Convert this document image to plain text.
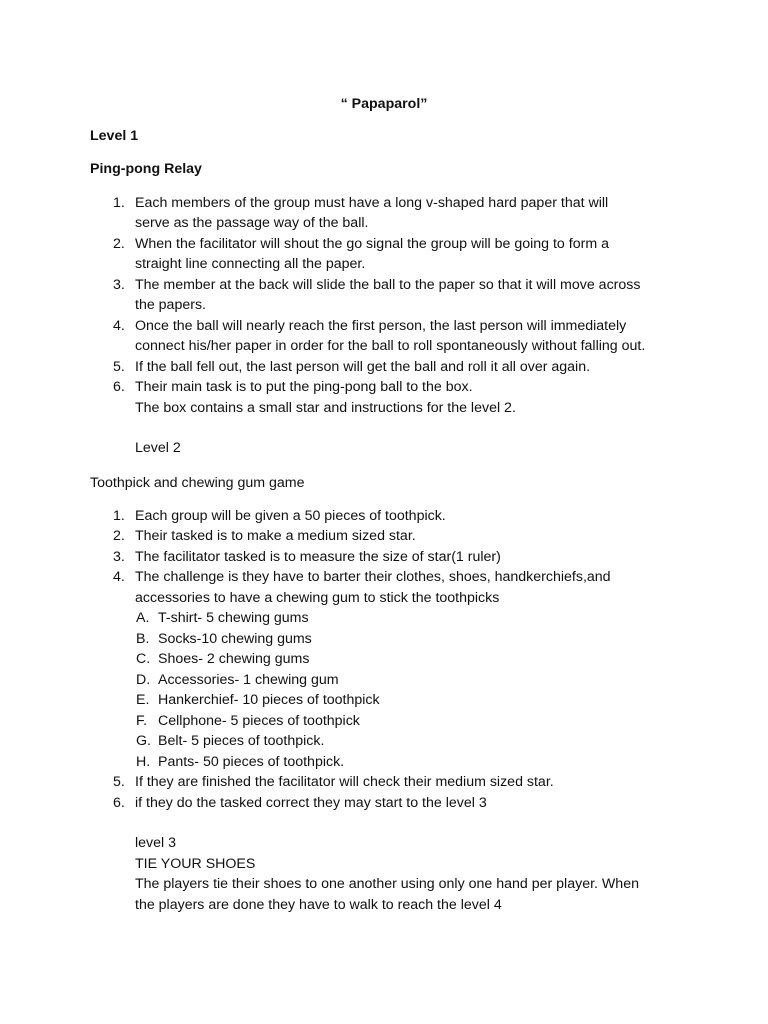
“ Papaparol”
Level 1
Ping-pong Relay
1. Each members of the group must have a long v-shaped hard paper that will
serve as the passage way of the ball.
2. When the facilitator will shout the go signal the group will be going to form a
straight line connecting all the paper.
3. The member at the back will slide the ball to the paper so that it will move across
the papers.
4. Once the ball will nearly reach the first person, the last person will immediately
connect his/her paper in order for the ball to roll spontaneously without falling out.
5. If the ball fell out, the last person will get the ball and roll it all over again.
6. Their main task is to put the ping-pong ball to the box.
The box contains a small star and instructions for the level 2.
Level 2
Toothpick and chewing gum game
1. Each group will be given a 50 pieces of toothpick.
2. Their tasked is to make a medium sized star.
3. The facilitator tasked is to measure the size of star(1 ruler)
4. The challenge is they have to barter their clothes, shoes, handkerchiefs,and
accessories to have a chewing gum to stick the toothpicks
A. T-shirt- 5 chewing gums
B. Socks-10 chewing gums
C. Shoes- 2 chewing gums
D. Accessories- 1 chewing gum
E. Hankerchief- 10 pieces of toothpick
F. Cellphone- 5 pieces of toothpick
G. Belt- 5 pieces of toothpick.
H. Pants- 50 pieces of toothpick.
5. If they are finished the facilitator will check their medium sized star.
6. if they do the tasked correct they may start to the level 3
level 3
TIE YOUR SHOES
The players tie their shoes to one another using only one hand per player. When
the players are done they have to walk to reach the level 4
